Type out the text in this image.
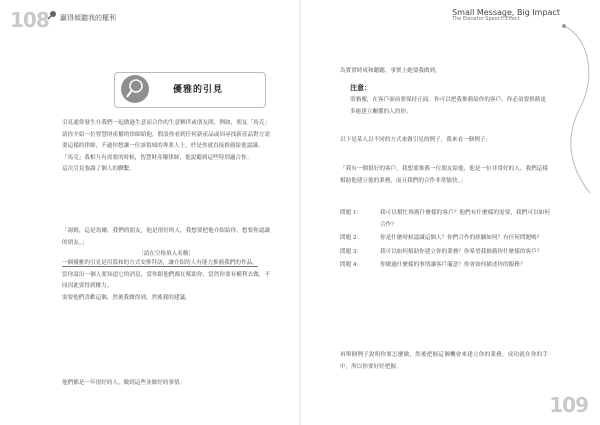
108 贏得傾聽我的權利
優雅的引見
引見通常發生在我們一起做過生意而合作的生意夥伴或朋友間，例如，朋友「馬克」請你介紹一位智慧財產權的律師給他，假設你看到任何新產品或因尋找新產品對方需要這樣的律師，不過你想讓一位該領域的專業人士，於是你就直接推薦給他認識。
「馬克」我相互有需要的時候，智慧財產權律師，他說聽到這些特別適合你。
這次引見強調了個人的聯繫。
「湯姆，這是馬爾，我們的朋友，他是很好的人，我想要把他介紹給你，想要你認識的朋友。」
〔請在空格填入名稱〕
一個優雅的引見是用溫和的方式安排拜訪，讓介紹的人有能力推薦我們的作品。
當你說出一個人要知道它的消息，當你跟他們都在幫助你，當然你要有權利去做，不同因此要得到權力。
需要他們喜歡這個，然後我做得到，然後我的建議。
他們都是一年很好的人，做到這些並做好的事情。
Small Message, Big Impact
The Elevator Speech Effect
為實實時成和聽聽，事實上她要我做到。
注意：
別猶豫，在客戶面前要保持正面。你可以把我推薦給你的客戶，你必須要推薦更多能建立關係的人的你。
以下是某人以不同的方式來做引見的例子，我來看一個例子：
「我有一個很好的客戶，我想要推薦一位朋友給他，他是一位非常好的人，我們這樣幫助他建立他的業務，而且我們的合作非常愉快。」
問題 1：	我可以幫忙推薦什麼樣的客戶？他們有什麼樣的需要，我們可以如何合作？
問題 2：	你是什麼時候認識這個人？你們合作的經驗如何？有任何問題嗎？
問題 3：	我可以如何幫助你建立你的業務？你希望我推薦你什麼樣的客戶？
問題 4：	你做過什麼樣的事情讓客戶滿意？你會如何描述你的服務？
再舉個例子說明你要怎麼做，然後把握這個機會來建立你的業務，成功就在你的手中，所以你要好好把握。
109
